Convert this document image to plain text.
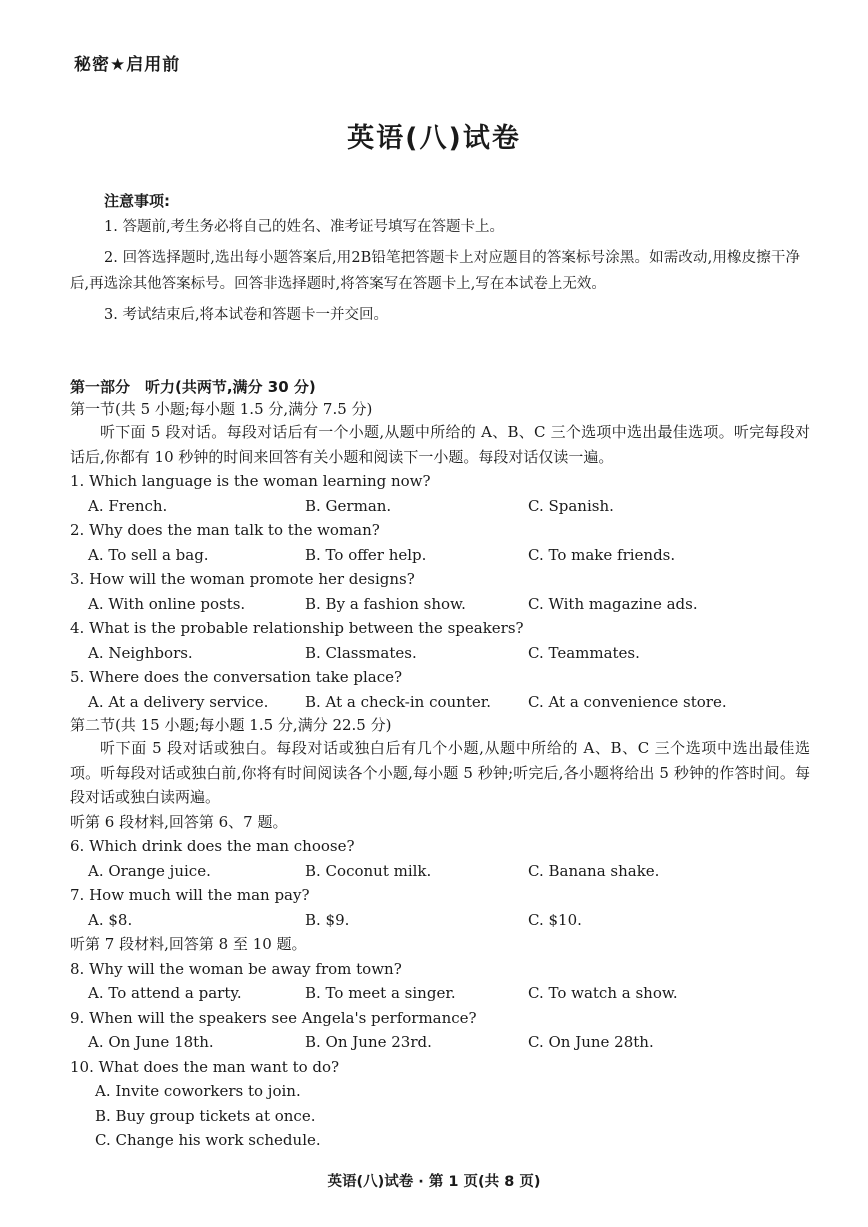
秘密★启用前
英语(八)试卷
注意事项:

1. 答题前,考生务必将自己的姓名、准考证号填写在答题卡上。

2. 回答选择题时,选出每小题答案后,用2B铅笔把答题卡上对应题目的答案标号涂黑。如需改动,用橡皮擦干净后,再选涂其他答案标号。回答非选择题时,将答案写在答题卡上,写在本试卷上无效。

3. 考试结束后,将本试卷和答题卡一并交回。

第一部分　听力(共两节,满分 30 分)
第一节(共 5 小题;每小题 1.5 分,满分 7.5 分)

听下面 5 段对话。每段对话后有一个小题,从题中所给的 A、B、C 三个选项中选出最佳选项。听完每段对话后,你都有 10 秒钟的时间来回答有关小题和阅读下一小题。每段对话仅读一遍。

1. Which language is the woman learning now?
A. French.	B. German.	C. Spanish.
2. Why does the man talk to the woman?
A. To sell a bag.	B. To offer help.	C. To make friends.
3. How will the woman promote her designs?
A. With online posts.	B. By a fashion show.	C. With magazine ads.
4. What is the probable relationship between the speakers?
A. Neighbors.	B. Classmates.	C. Teammates.
5. Where does the conversation take place?
A. At a delivery service.	B. At a check-in counter.	C. At a convenience store.
第二节(共 15 小题;每小题 1.5 分,满分 22.5 分)

听下面 5 段对话或独白。每段对话或独白后有几个小题,从题中所给的 A、B、C 三个选项中选出最佳选项。听每段对话或独白前,你将有时间阅读各个小题,每小题 5 秒钟;听完后,各小题将给出 5 秒钟的作答时间。每段对话或独白读两遍。

听第 6 段材料,回答第 6、7 题。
6. Which drink does the man choose?
A. Orange juice.	B. Coconut milk.	C. Banana shake.
7. How much will the man pay?
A. $8.	B. $9.	C. $10.
听第 7 段材料,回答第 8 至 10 题。
8. Why will the woman be away from town?
A. To attend a party.	B. To meet a singer.	C. To watch a show.
9. When will the speakers see Angela's performance?
A. On June 18th.	B. On June 23rd.	C. On June 28th.
10. What does the man want to do?
A. Invite coworkers to join.
B. Buy group tickets at once.
C. Change his work schedule.
英语(八)试卷 · 第 1 页(共 8 页)
